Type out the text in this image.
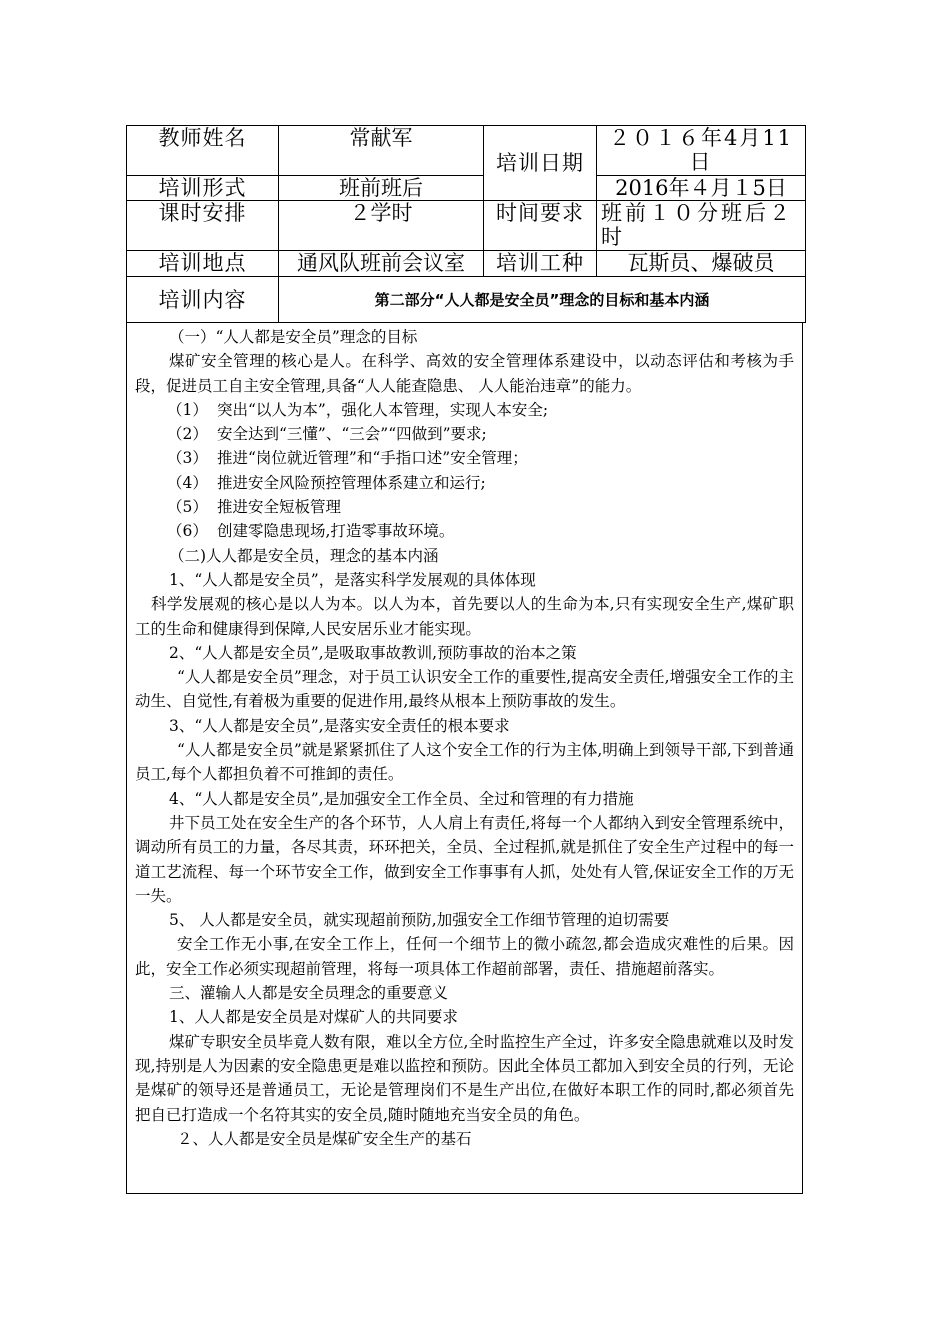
教师姓名	常献军	培训日期	２０１６年4月11日
培训形式	班前班后		2016年４月１5日
课时安排	２学时	时间要求	班前１０分班后２时
培训地点	通风队班前会议室	培训工种	瓦斯员、爆破员
培训内容	第二部分“人人都是安全员”理念的目标和基本内涵		

（一）“人人都是安全员”理念的目标

煤矿安全管理的核心是人。在科学、高效的安全管理体系建设中，以动态评估和考核为手段，促进员工自主安全管理,具备“人人能查隐患、 人人能治违章”的能力。

（1） 突出“以人为本”，强化人本管理，实现人本安全;

（2） 安全达到“三懂”、“三会”“四做到”要求;

（3） 推进“岗位就近管理”和“手指口述”安全管理；

（4） 推进安全风险预控管理体系建立和运行;

（5） 推进安全短板管理

（6） 创建零隐患现场,打造零事故环境。

（二)人人都是安全员，理念的基本内涵

1、“人人都是安全员”，是落实科学发展观的具体体现

科学发展观的核心是以人为本。以人为本，首先要以人的生命为本,只有实现安全生产,煤矿职工的生命和健康得到保障,人民安居乐业才能实现。

2、“人人都是安全员”,是吸取事故教训,预防事故的治本之策

“人人都是安全员”理念，对于员工认识安全工作的重要性,提高安全责任,增强安全工作的主动生、自觉性,有着极为重要的促进作用,最终从根本上预防事故的发生。

3、“人人都是安全员”,是落实安全责任的根本要求

“人人都是安全员”就是紧紧抓住了人这个安全工作的行为主体,明确上到领导干部,下到普通员工,每个人都担负着不可推卸的责任。

4、“人人都是安全员”,是加强安全工作全员、全过和管理的有力措施

井下员工处在安全生产的各个环节，人人肩上有责任,将每一个人都纳入到安全管理系统中，调动所有员工的力量，各尽其责，环环把关，全员、全过程抓,就是抓住了安全生产过程中的每一道工艺流程、每一个环节安全工作，做到安全工作事事有人抓，处处有人管,保证安全工作的万无一失。

5、 人人都是安全员，就实现超前预防,加强安全工作细节管理的迫切需要

安全工作无小事,在安全工作上，任何一个细节上的微小疏忽,都会造成灾难性的后果。因此，安全工作必须实现超前管理，将每一项具体工作超前部署，责任、措施超前落实。

三、灌输人人都是安全员理念的重要意义

1、人人都是安全员是对煤矿人的共同要求

煤矿专职安全员毕竟人数有限，难以全方位,全时监控生产全过，许多安全隐患就难以及时发现,持别是人为因素的安全隐患更是难以监控和预防。因此全体员工都加入到安全员的行列，无论是煤矿的领导还是普通员工，无论是管理岗们不是生产出位,在做好本职工作的同时,都必须首先把自已打造成一个名符其实的安全员,随时随地充当安全员的角色。

２、人人都是安全员是煤矿安全生产的基石
